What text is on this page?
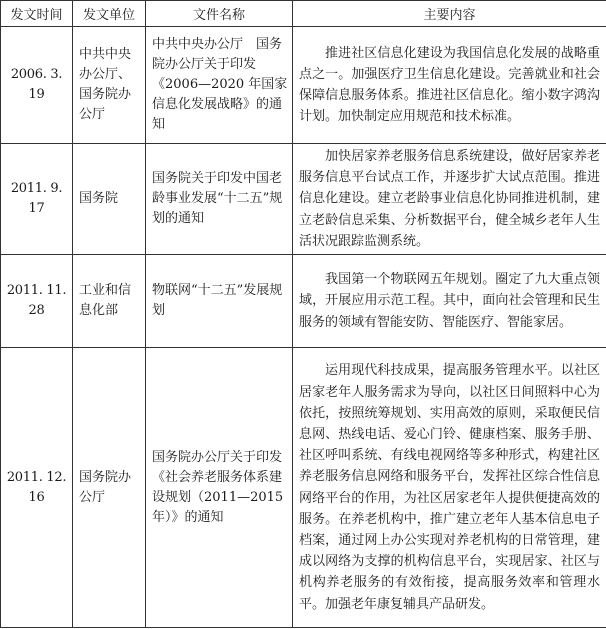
发文时间	发文单位	文件名称	主要内容
2006. 3. 19	中共中央办公厅、国务院办公厅	中共中央办公厅　国务院办公厅关于印发《2006—2020 年国家信息化发展战略》的通知	推进社区信息化建设为我国信息化发展的战略重点之一。加强医疗卫生信息化建设。完善就业和社会保障信息服务体系。推进社区信息化。缩小数字鸿沟计划。加快制定应用规范和技术标准。
2011. 9. 17	国务院	国务院关于印发中国老龄事业发展“十二五”规划的通知	加快居家养老服务信息系统建设，做好居家养老服务信息平台试点工作，并逐步扩大试点范围。推进信息化建设。建立老龄事业信息化协同推进机制，建立老龄信息采集、分析数据平台，健全城乡老年人生活状况跟踪监测系统。
2011. 11. 28	工业和信息化部	物联网“十二五”发展规划	我国第一个物联网五年规划。圈定了九大重点领域，开展应用示范工程。其中，面向社会管理和民生服务的领域有智能安防、智能医疗、智能家居。
2011. 12. 16	国务院办公厅	国务院办公厅关于印发《社会养老服务体系建设规划（2011—2015 年）》的通知	运用现代科技成果，提高服务管理水平。以社区居家老年人服务需求为导向，以社区日间照料中心为依托，按照统筹规划、实用高效的原则，采取便民信息网、热线电话、爱心门铃、健康档案、服务手册、社区呼叫系统、有线电视网络等多种形式，构建社区养老服务信息网络和服务平台，发挥社区综合性信息网络平台的作用，为社区居家老年人提供便捷高效的服务。在养老机构中，推广建立老年人基本信息电子档案，通过网上办公实现对养老机构的日常管理，建成以网络为支撑的机构信息平台，实现居家、社区与机构养老服务的有效衔接，提高服务效率和管理水平。加强老年康复辅具产品研发。
